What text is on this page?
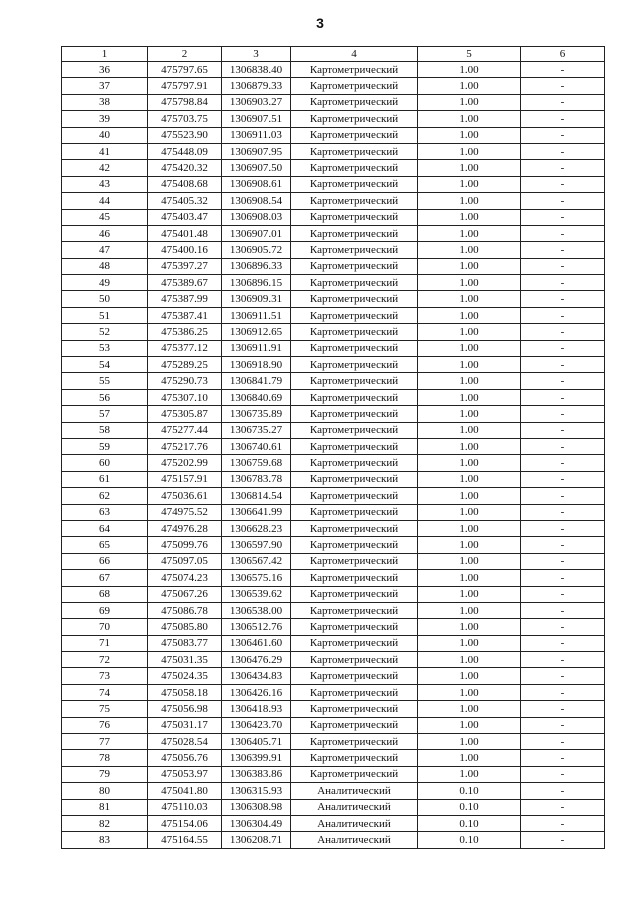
3
1	2	3	4	5	6
36	475797.65	1306838.40	Картометрический	1.00	-
37	475797.91	1306879.33	Картометрический	1.00	-
38	475798.84	1306903.27	Картометрический	1.00	-
39	475703.75	1306907.51	Картометрический	1.00	-
40	475523.90	1306911.03	Картометрический	1.00	-
41	475448.09	1306907.95	Картометрический	1.00	-
42	475420.32	1306907.50	Картометрический	1.00	-
43	475408.68	1306908.61	Картометрический	1.00	-
44	475405.32	1306908.54	Картометрический	1.00	-
45	475403.47	1306908.03	Картометрический	1.00	-
46	475401.48	1306907.01	Картометрический	1.00	-
47	475400.16	1306905.72	Картометрический	1.00	-
48	475397.27	1306896.33	Картометрический	1.00	-
49	475389.67	1306896.15	Картометрический	1.00	-
50	475387.99	1306909.31	Картометрический	1.00	-
51	475387.41	1306911.51	Картометрический	1.00	-
52	475386.25	1306912.65	Картометрический	1.00	-
53	475377.12	1306911.91	Картометрический	1.00	-
54	475289.25	1306918.90	Картометрический	1.00	-
55	475290.73	1306841.79	Картометрический	1.00	-
56	475307.10	1306840.69	Картометрический	1.00	-
57	475305.87	1306735.89	Картометрический	1.00	-
58	475277.44	1306735.27	Картометрический	1.00	-
59	475217.76	1306740.61	Картометрический	1.00	-
60	475202.99	1306759.68	Картометрический	1.00	-
61	475157.91	1306783.78	Картометрический	1.00	-
62	475036.61	1306814.54	Картометрический	1.00	-
63	474975.52	1306641.99	Картометрический	1.00	-
64	474976.28	1306628.23	Картометрический	1.00	-
65	475099.76	1306597.90	Картометрический	1.00	-
66	475097.05	1306567.42	Картометрический	1.00	-
67	475074.23	1306575.16	Картометрический	1.00	-
68	475067.26	1306539.62	Картометрический	1.00	-
69	475086.78	1306538.00	Картометрический	1.00	-
70	475085.80	1306512.76	Картометрический	1.00	-
71	475083.77	1306461.60	Картометрический	1.00	-
72	475031.35	1306476.29	Картометрический	1.00	-
73	475024.35	1306434.83	Картометрический	1.00	-
74	475058.18	1306426.16	Картометрический	1.00	-
75	475056.98	1306418.93	Картометрический	1.00	-
76	475031.17	1306423.70	Картометрический	1.00	-
77	475028.54	1306405.71	Картометрический	1.00	-
78	475056.76	1306399.91	Картометрический	1.00	-
79	475053.97	1306383.86	Картометрический	1.00	-
80	475041.80	1306315.93	Аналитический	0.10	-
81	475110.03	1306308.98	Аналитический	0.10	-
82	475154.06	1306304.49	Аналитический	0.10	-
83	475164.55	1306208.71	Аналитический	0.10	-
